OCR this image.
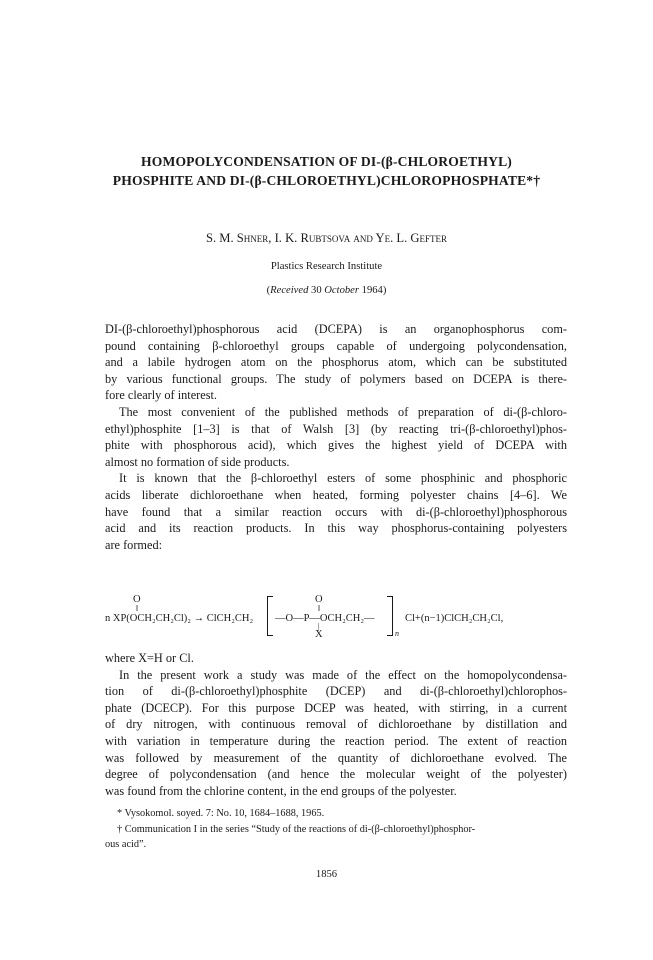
HOMOPOLYCONDENSATION OF DI-(β-CHLOROETHYL)
PHOSPHITE AND DI-(β-CHLOROETHYL)CHLOROPHOSPHATE*†
S. M. Shner, I. K. Rubtsova and Ye. L. Gefter
Plastics Research Institute
(Received 30 October 1964)
DI-(β-chloroethyl)phosphorous acid (DCEPA) is an organophosphorus com-
pound containing β-chloroethyl groups capable of undergoing polycondensation,
and a labile hydrogen atom on the phosphorus atom, which can be substituted
by various functional groups. The study of polymers based on DCEPA is there-
fore clearly of interest.
The most convenient of the published methods of preparation of di-(β-chloro-
ethyl)phosphite [1–3] is that of Walsh [3] (by reacting tri-(β-chloroethyl)phos-
phite with phosphorous acid), which gives the highest yield of DCEPA with
almost no formation of side products.
It is known that the β-chloroethyl esters of some phosphinic and phosphoric
acids liberate dichloroethane when heated, forming polyester chains [4–6]. We
have found that a similar reaction occurs with di-(β-chloroethyl)phosphorous
acid and its reaction products. In this way phosphorus-containing polyesters
are formed:
O
‖
n XP(OCH₂CH₂Cl)₂ → ClCH₂CH₂
O
‖
—O—P—OCH₂CH₂—
|
X	n
Cl+(n−1)ClCH₂CH₂Cl,
where X=H or Cl.
In the present work a study was made of the effect on the homopolycondensa-
tion of di-(β-chloroethyl)phosphite (DCEP) and di-(β-chloroethyl)chlorophos-
phate (DCECP). For this purpose DCEP was heated, with stirring, in a current
of dry nitrogen, with continuous removal of dichloroethane by distillation and
with variation in temperature during the reaction period. The extent of reaction
was followed by measurement of the quantity of dichloroethane evolved. The
degree of polycondensation (and hence the molecular weight of the polyester)
was found from the chlorine content, in the end groups of the polyester.
* Vysokomol. soyed. 7: No. 10, 1684–1688, 1965.
† Communication I in the series “Study of the reactions of di-(β-chloroethyl)phosphor-
ous acid”.
1856
